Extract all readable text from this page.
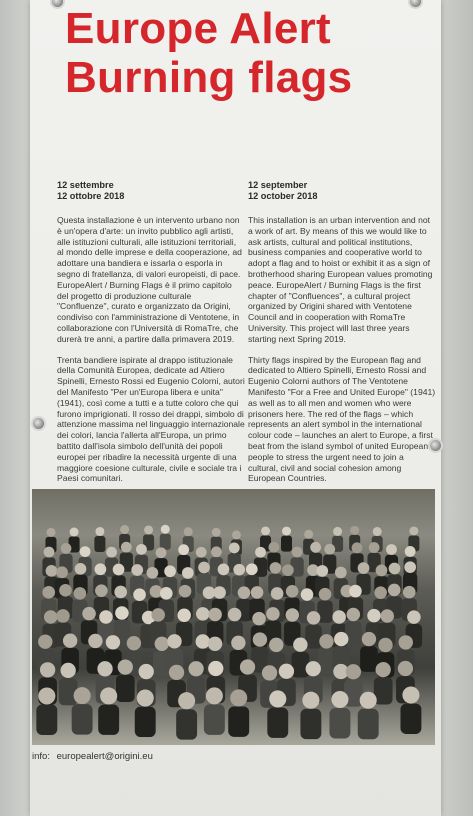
Europe Alert
Burning flags
12 settembre
12 ottobre 2018

Questa installazione è un intervento urbano non è un'opera d'arte: un invito pubblico agli artisti, alle istituzioni culturali, alle istituzioni territoriali, al mondo delle imprese e della cooperazione, ad adottare una bandiera e issarla o esporla in segno di fratellanza, di valori europeisti, di pace. EuropeAlert / Burning Flags è il primo capitolo del progetto di produzione culturale "Confluenze", curato e organizzato da Origini, condiviso con l'amministrazione di Ventotene, in collaborazione con l'Università di RomaTre, che durerà tre anni, a partire dalla primavera 2019.

Trenta bandiere ispirate al drappo istituzionale della Comunità Europea, dedicate ad Altiero Spinelli, Ernesto Rossi ed Eugenio Colorni, autori del Manifesto "Per un'Europa libera e unita" (1941), così come a tutti e a tutte coloro che qui furono imprigionati. Il rosso dei drappi, simbolo di attenzione massima nel linguaggio internazionale dei colori, lancia l'allerta all'Europa, un primo battito dall'isola simbolo dell'unità dei popoli europei per ribadire la necessità urgente di una maggiore coesione culturale, civile e sociale tra i Paesi comunitari.

12 september
12 october 2018

This installation is an urban intervention and not a work of art. By means of this we would like to ask artists, cultural and political institutions, business companies and cooperative world to adopt a flag and to hoist or exhibit it as a sign of brotherhood sharing European values promoting peace. EuropeAlert / Burning Flags is the first chapter of "Confluences", a cultural project organized by Origini shared with Ventotene Council and in cooperation with RomaTre University. This project will last three years starting next Spring 2019.

Thirty flags inspired by the European flag and dedicated to Altiero Spinelli, Ernesto Rossi and Eugenio Colorni authors of The Ventotene Manifesto "For a Free and United Europe" (1941) as well as to all men and women who were prisoners here. The red of the flags – which represents an alert symbol in the international colour code – launches an alert to Europe, a first beat from the island symbol of united European people to stress the urgent need to join a cultural, civil and social cohesion among European Countries.

info: europealert@origini.eu
